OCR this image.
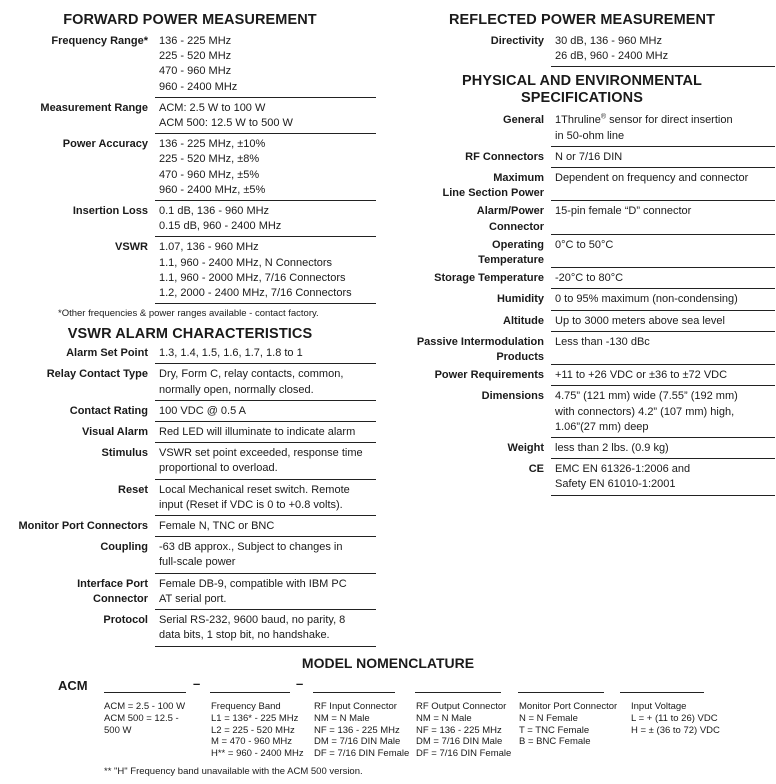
FORWARD POWER MEASUREMENT
Frequency Range* 136 - 225 MHz
225 - 520 MHz
470 - 960 MHz
960 - 2400 MHz
Measurement Range ACM: 2.5 W to 100 W
ACM 500: 12.5 W to 500 W
Power Accuracy 136 - 225 MHz, ±10%
225 - 520 MHz, ±8%
470 - 960 MHz, ±5%
960 - 2400 MHz, ±5%
Insertion Loss 0.1 dB, 136 - 960 MHz
0.15 dB, 960 - 2400 MHz
VSWR 1.07, 136 - 960 MHz
1.1, 960 - 2400 MHz, N Connectors
1.1, 960 - 2000 MHz, 7/16 Connectors
1.2, 2000 - 2400 MHz, 7/16 Connectors
*Other frequencies & power ranges available - contact factory.
VSWR ALARM CHARACTERISTICS
Alarm Set Point 1.3, 1.4, 1.5, 1.6, 1.7, 1.8 to 1
Relay Contact Type Dry, Form C, relay contacts, common,
normally open, normally closed.
Contact Rating 100 VDC @ 0.5 A
Visual Alarm Red LED will illuminate to indicate alarm
Stimulus VSWR set point exceeded, response time
proportional to overload.
Reset Local Mechanical reset switch. Remote
input (Reset if VDC is 0 to +0.8 volts).
Monitor Port Connectors Female N, TNC or BNC
Coupling -63 dB approx., Subject to changes in
full-scale power
Interface Port
Connector
Female DB-9, compatible with IBM PC
AT serial port.
Protocol Serial RS-232, 9600 baud, no parity, 8
data bits, 1 stop bit, no handshake.
REFLECTED POWER MEASUREMENT
Directivity 30 dB, 136 - 960 MHz
26 dB, 960 - 2400 MHz
PHYSICAL AND ENVIRONMENTAL
SPECIFICATIONS
General 1Thruline® sensor for direct insertion
in 50-ohm line
RF Connectors N or 7/16 DIN
Maximum
Line Section Power
Dependent on frequency and connector
Alarm/Power
Connector
15-pin female “D” connector
Operating
Temperature
0°C to 50°C
Storage Temperature -20°C to 80°C
Humidity 0 to 95% maximum (non-condensing)
Altitude Up to 3000 meters above sea level
Passive Intermodulation
Products
Less than -130 dBc
Power Requirements +11 to +26 VDC or ±36 to ±72 VDC
Dimensions 4.75” (121 mm) wide (7.55” (192 mm)
with connectors) 4.2” (107 mm) high,
1.06”(27 mm) deep
Weight less than 2 lbs. (0.9 kg)
CE EMC EN 61326-1:2006 and
Safety EN 61010-1:2001
MODEL NOMENCLATURE
ACM	–	–
ACM = 2.5 - 100 W
ACM 500 = 12.5 -
500 W
Frequency Band
L1 = 136* - 225 MHz
L2 = 225 - 520 MHz
M = 470 - 960 MHz
H** = 960 - 2400 MHz
RF Input Connector
NM = N Male
NF = 136 - 225 MHz
DM = 7/16 DIN Male
DF = 7/16 DIN Female
RF Output Connector
NM = N Male
NF = 136 - 225 MHz
DM = 7/16 DIN Male
DF = 7/16 DIN Female
Monitor Port Connector
N = N Female
T = TNC Female
B = BNC Female
Input Voltage
L = + (11 to 26) VDC
H = ± (36 to 72) VDC
** "H" Frequency band unavailable with the ACM 500 version.
